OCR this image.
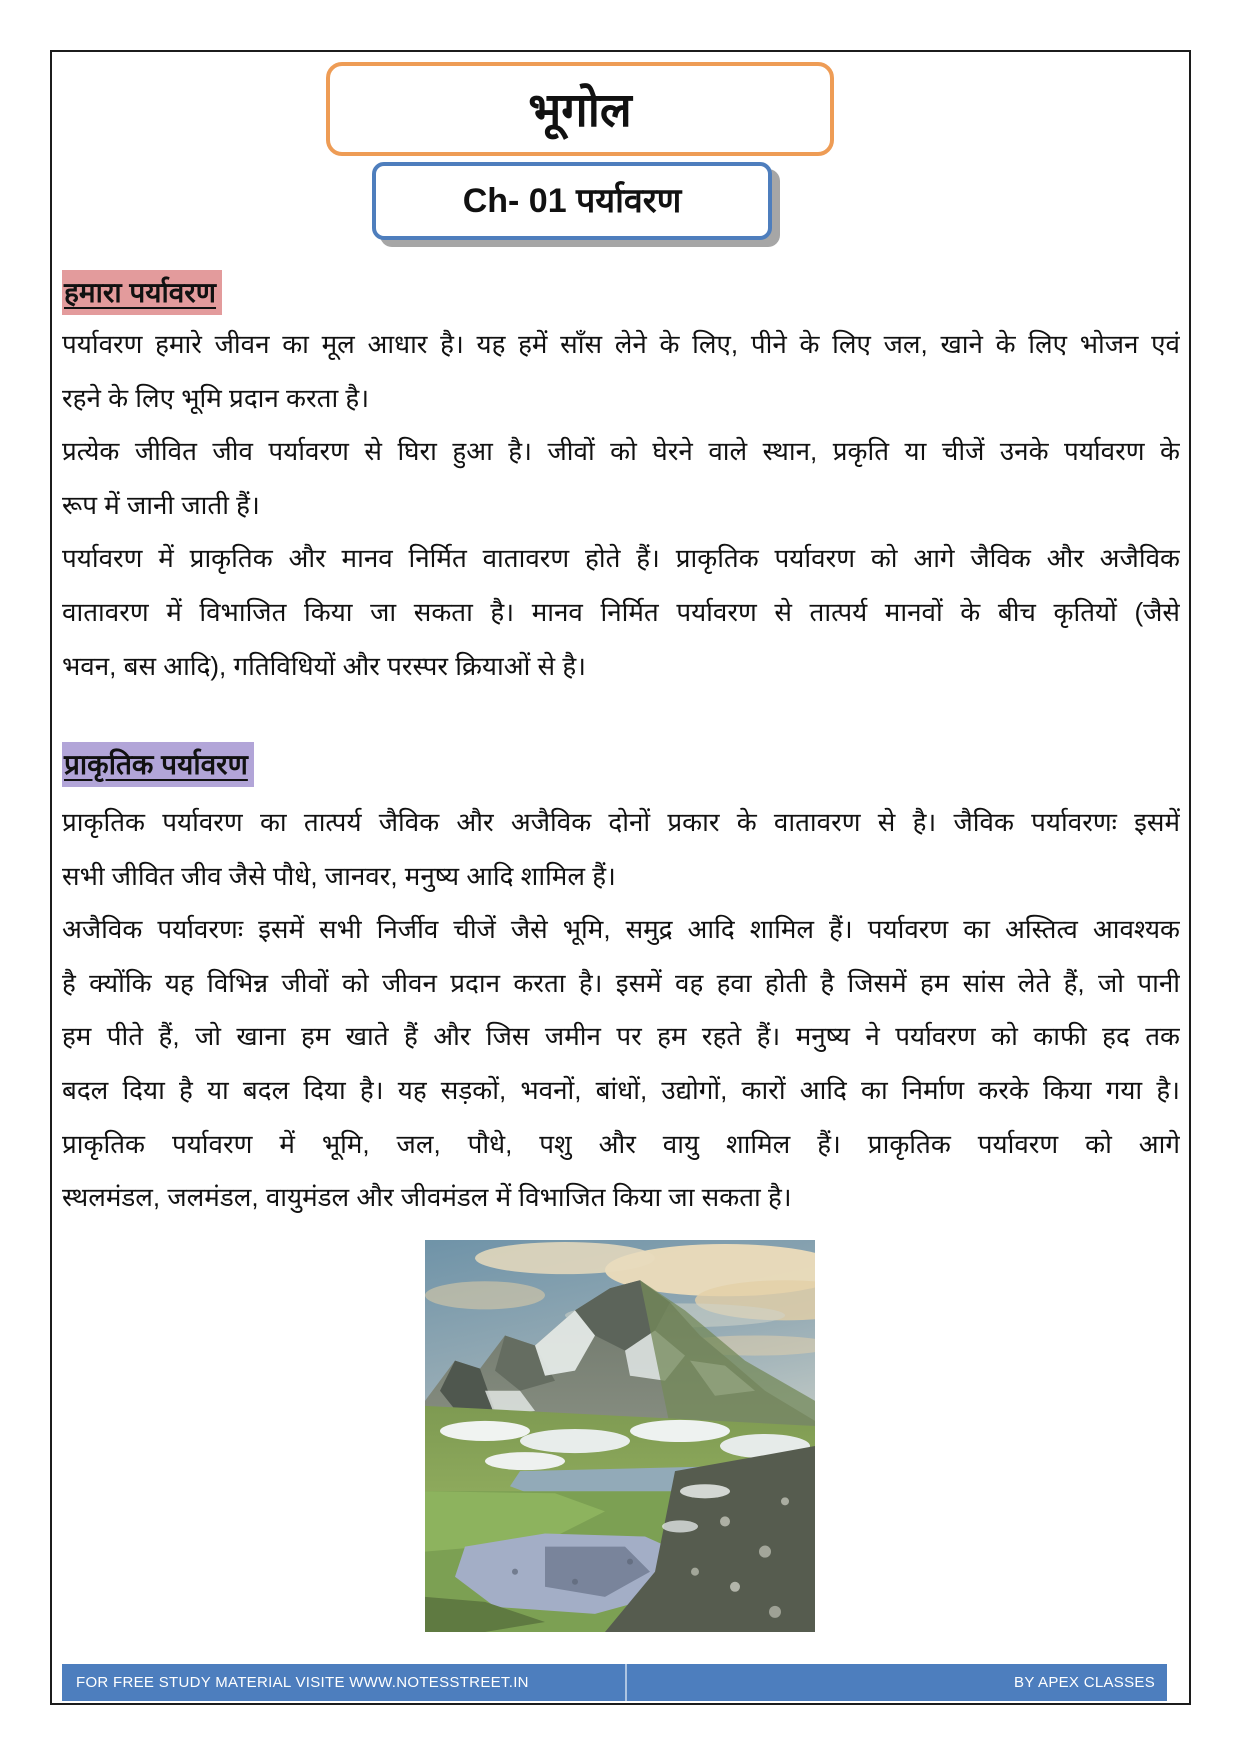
भूगोल
Ch- 01 पर्यावरण
हमारा पर्यावरण
पर्यावरण हमारे जीवन का मूल आधार है। यह हमें साँस लेने के लिए, पीने के लिए जल, खाने के लिए भोजन एवं
रहने के लिए भूमि प्रदान करता है।
प्रत्येक जीवित जीव पर्यावरण से घिरा हुआ है। जीवों को घेरने वाले स्थान, प्रकृति या चीजें उनके पर्यावरण के
रूप में जानी जाती हैं।
पर्यावरण में प्राकृतिक और मानव निर्मित वातावरण होते हैं। प्राकृतिक पर्यावरण को आगे जैविक और अजैविक
वातावरण में विभाजित किया जा सकता है। मानव निर्मित पर्यावरण से तात्पर्य मानवों के बीच कृतियों (जैसे
भवन, बस आदि), गतिविधियों और परस्पर क्रियाओं से है।
प्राकृतिक पर्यावरण
प्राकृतिक पर्यावरण का तात्पर्य जैविक और अजैविक दोनों प्रकार के वातावरण से है। जैविक पर्यावरणः इसमें
सभी जीवित जीव जैसे पौधे, जानवर, मनुष्य आदि शामिल हैं।
अजैविक पर्यावरणः इसमें सभी निर्जीव चीजें जैसे भूमि, समुद्र आदि शामिल हैं। पर्यावरण का अस्तित्व आवश्यक
है क्योंकि यह विभिन्न जीवों को जीवन प्रदान करता है। इसमें वह हवा होती है जिसमें हम सांस लेते हैं, जो पानी
हम पीते हैं, जो खाना हम खाते हैं और जिस जमीन पर हम रहते हैं। मनुष्य ने पर्यावरण को काफी हद तक
बदल दिया है या बदल दिया है। यह सड़कों, भवनों, बांधों, उद्योगों, कारों आदि का निर्माण करके किया गया है।
प्राकृतिक पर्यावरण में भूमि, जल, पौधे, पशु और वायु शामिल हैं। प्राकृतिक पर्यावरण को आगे
स्थलमंडल, जलमंडल, वायुमंडल और जीवमंडल में विभाजित किया जा सकता है।
FOR FREE STUDY MATERIAL VISITE WWW.NOTESSTREET.IN	BY APEX CLASSES
